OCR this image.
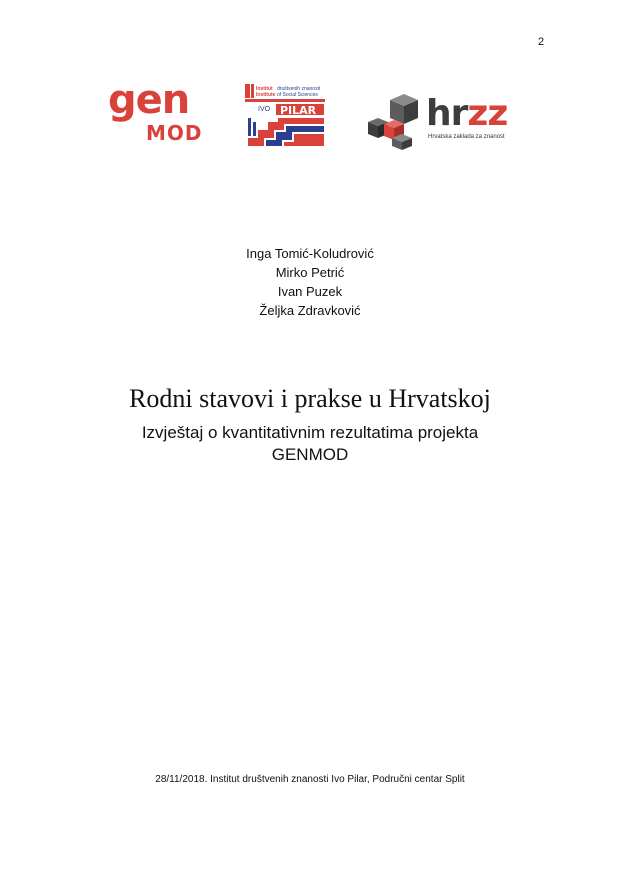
2
gen
MOD
Institut
Institute
društvenih znanosti
of Social Sciences
IVO PILAR	hrzz
Hrvatska zaklada za znanost
Inga Tomić-Koludrović
Mirko Petrić
Ivan Puzek
Željka Zdravković
Rodni stavovi i prakse u Hrvatskoj
Izvještaj o kvantitativnim rezultatima projekta
GENMOD
28/11/2018. Institut društvenih znanosti Ivo Pilar, Područni centar Split
